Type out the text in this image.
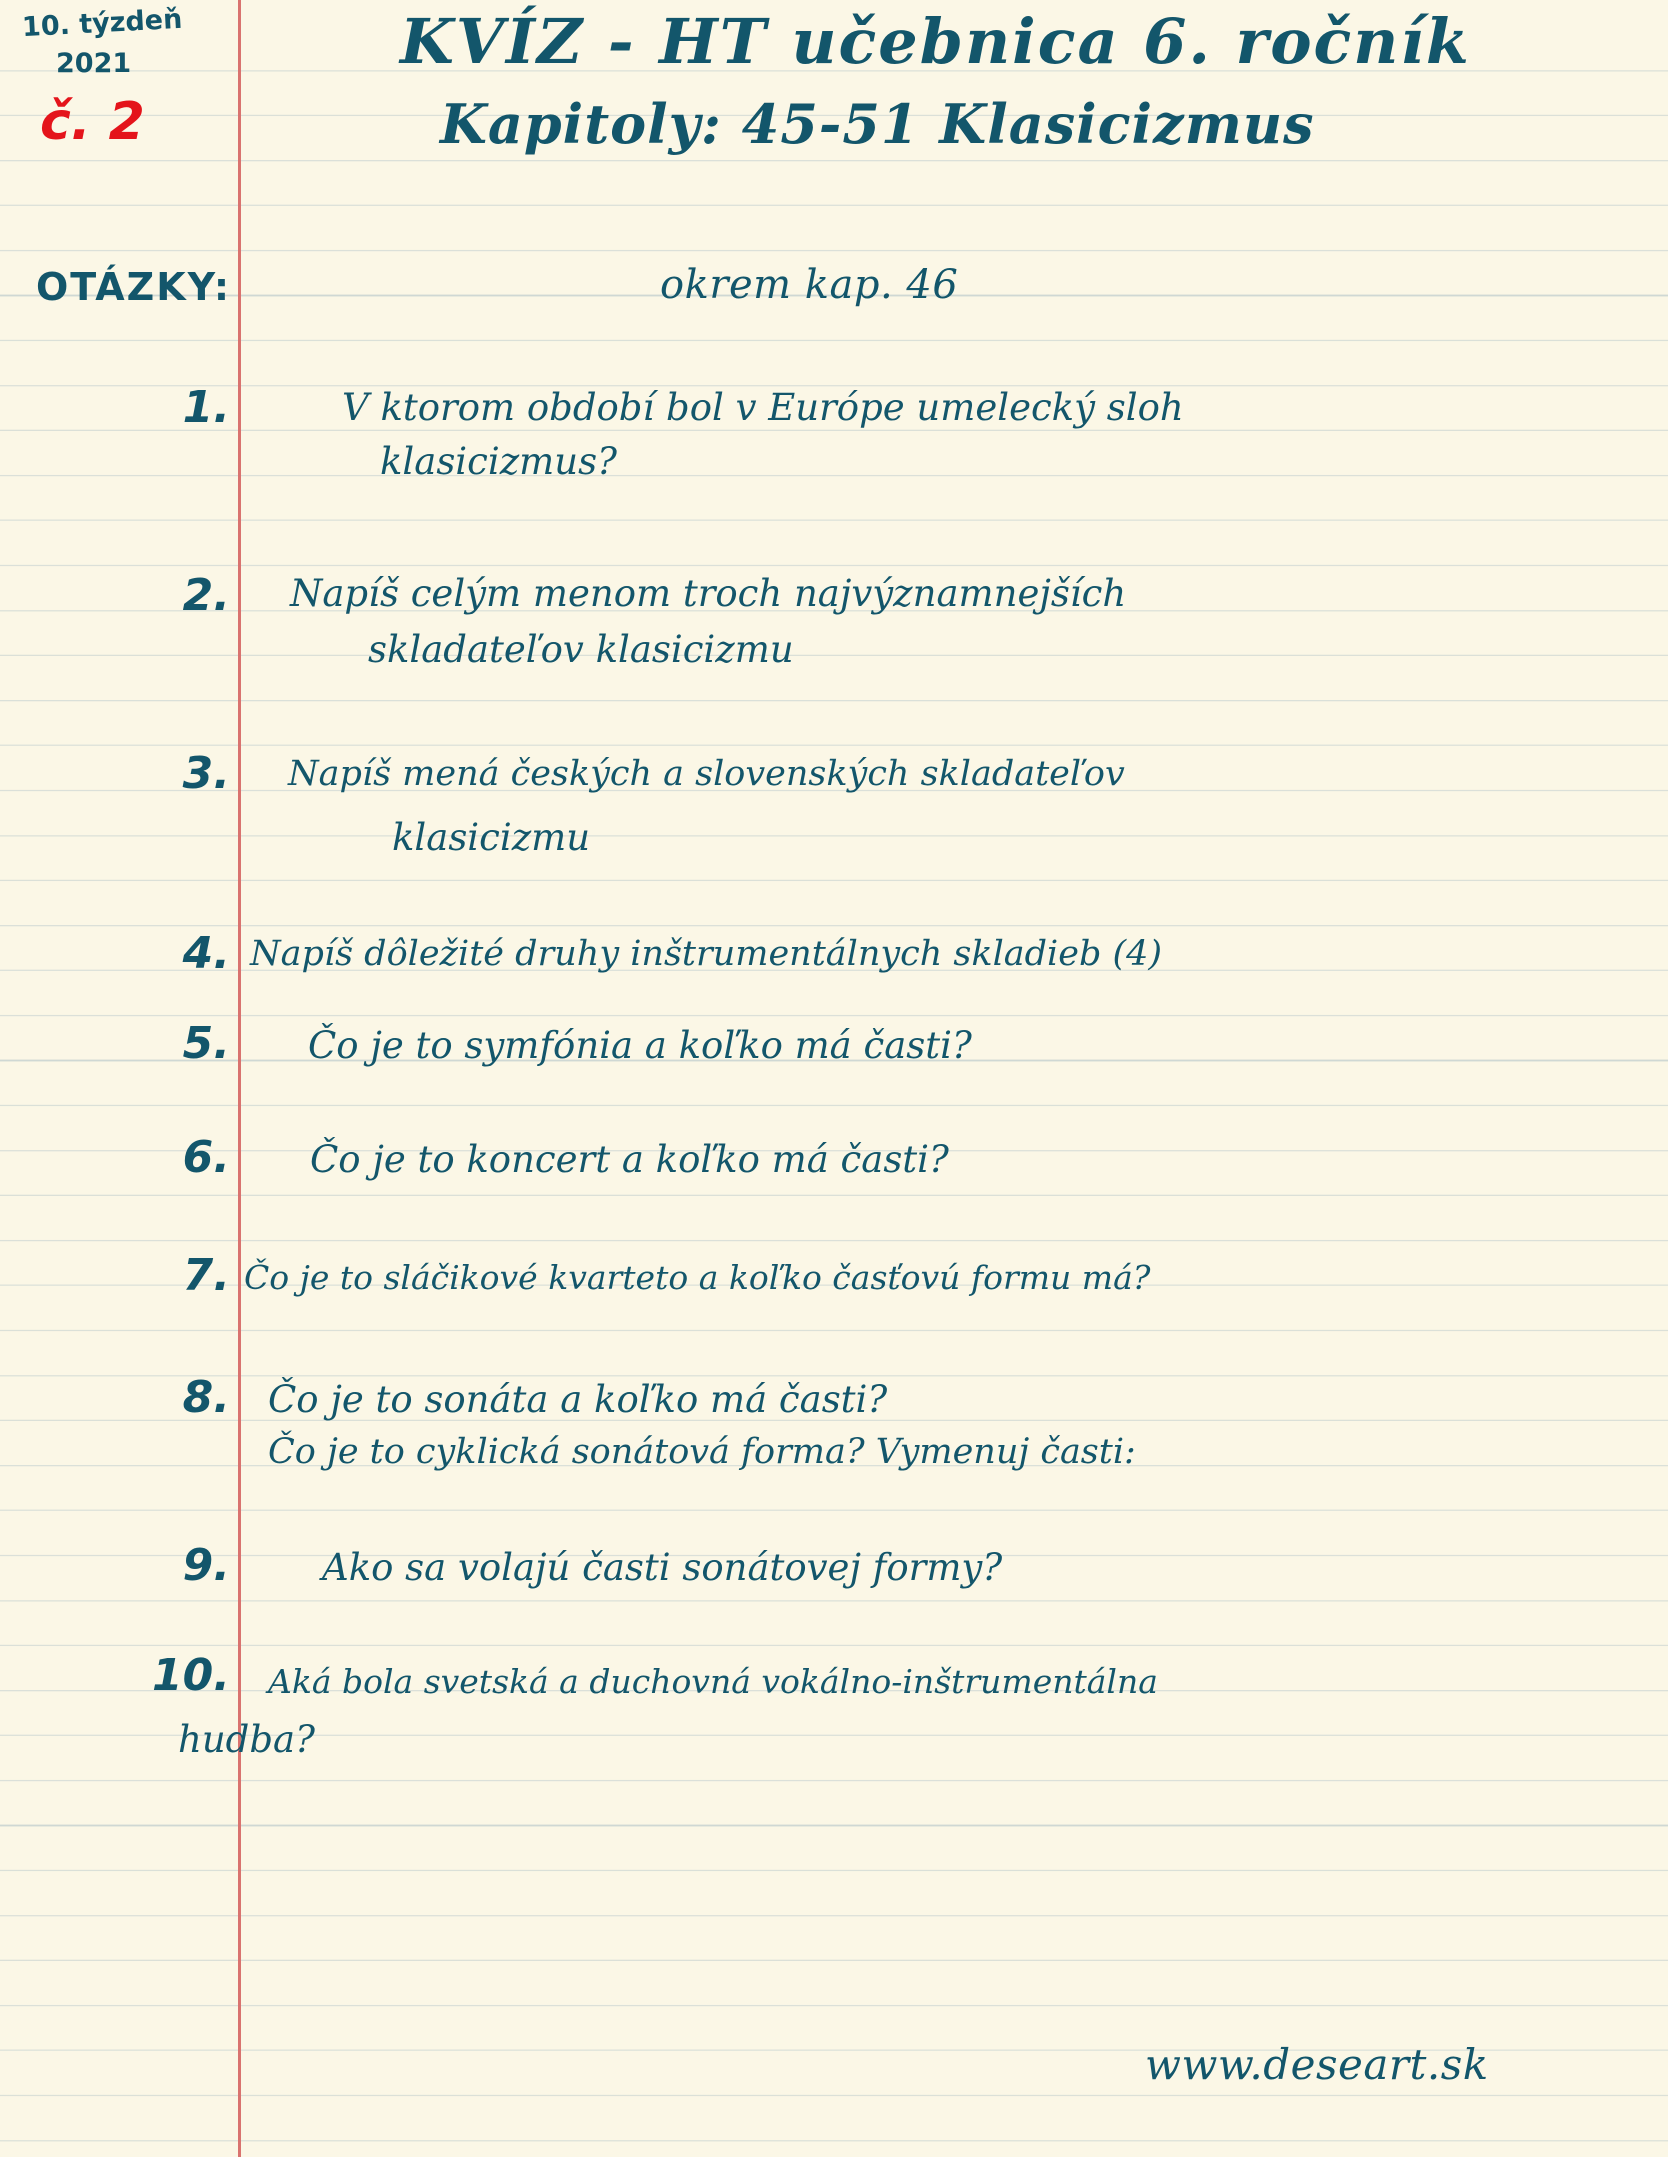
10. týzdeň
2021
č. 2
KVÍZ - HT učebnica 6. ročník
Kapitoly: 45-51 Klasicizmus
OTÁZKY:	okrem kap. 46
1.	V ktorom období bol v Európe umelecký sloh
klasicizmus?
2. Napíš celým menom troch najvýznamnejších
skladateľov klasicizmu
3. Napíš mená českých a slovenských skladateľov
klasicizmu
4. Napíš dôležité druhy inštrumentálnych skladieb (4)
5. Čo je to symfónia a koľko má časti?
6. Čo je to koncert a koľko má časti?
7. Čo je to sláčikové kvarteto a koľko časťovú formu má?
8. Čo je to sonáta a koľko má časti?
Čo je to cyklická sonátová forma? Vymenuj časti:
9. Ako sa volajú časti sonátovej formy?
10. Aká bola svetská a duchovná vokálno-inštrumentálna
hudba?
www.deseart.sk
